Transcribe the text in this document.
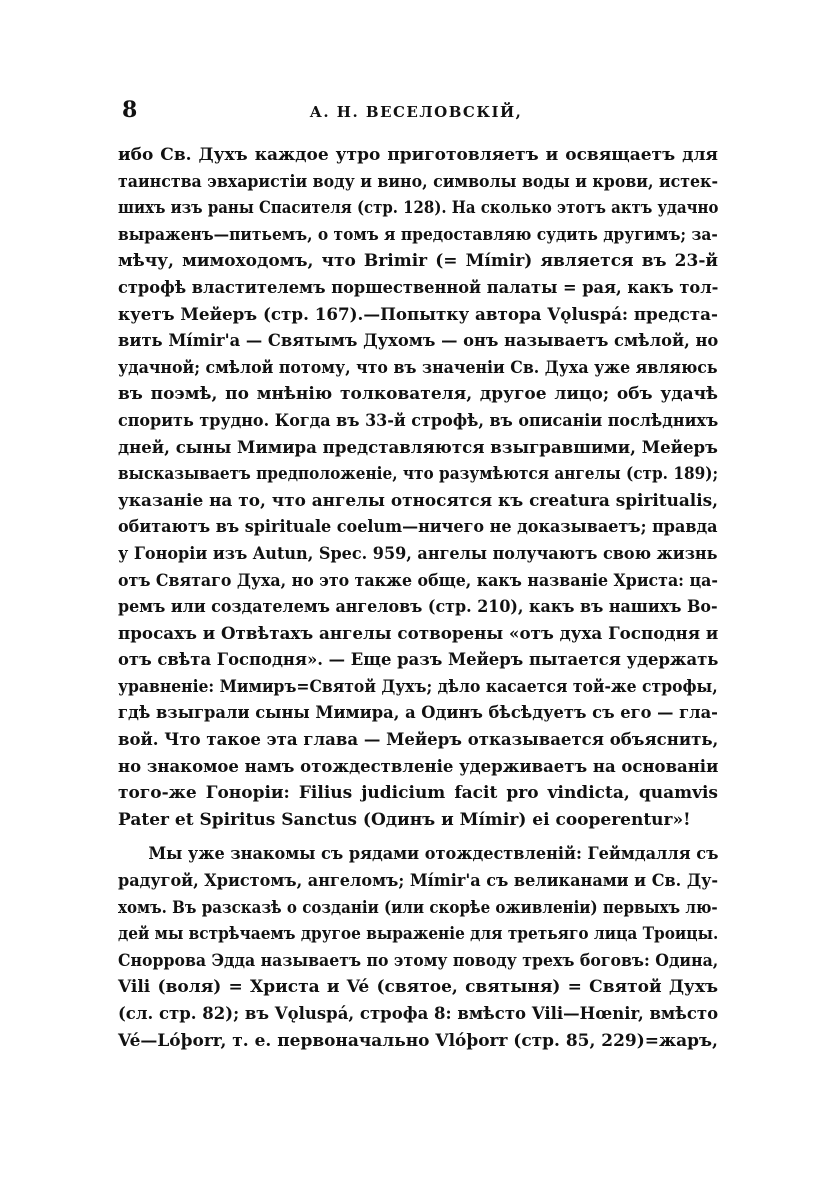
8	А. Н. ВЕСЕЛОВСКІЙ,
ибо Св. Духъ каждое утро приготовляетъ и освящаетъ для
таинства эвхаристіи воду и вино, символы воды и крови, истек-
шихъ изъ раны Спасителя (стр. 128). На сколько этотъ актъ удачно
выраженъ—питьемъ, о томъ я предоставляю судить другимъ; за-
мѣчу, мимоходомъ, что Brimir (= Mímir) является въ 23-й
строфѣ властителемъ поршественной палаты = рая, какъ тол-
куетъ Мейеръ (стр. 167).—Попытку автора Vǫluspá: предста-
вить Mímir'a — Святымъ Духомъ — онъ называетъ смѣлой, но
удачной; смѣлой потому, что въ значеніи Св. Духа уже являюсь
въ поэмѣ, по мнѣнію толкователя, другое лицо; объ удачѣ
спорить трудно. Когда въ 33-й строфѣ, въ описаніи послѣднихъ
дней, сыны Мимира представляются взыгравшими, Мейеръ
высказываетъ предположеніе, что разумѣются ангелы (стр. 189);
указаніе на то, что ангелы относятся къ creatura spiritualis,
обитаютъ въ spirituale coelum—ничего не доказываетъ; правда
у Гоноріи изъ Autun, Spec. 959, ангелы получаютъ свою жизнь
отъ Святаго Духа, но это также обще, какъ названіе Христа: ца-
ремъ или создателемъ ангеловъ (стр. 210), какъ въ нашихъ Во-
просахъ и Отвѣтахъ ангелы сотворены «отъ духа Господня и
отъ свѣта Господня». — Еще разъ Мейеръ пытается удержать
уравненіе: Мимиръ=Святой Духъ; дѣло касается той-же строфы,
гдѣ взыграли сыны Мимира, а Одинъ бѣсѣдуетъ съ его — гла-
вой. Что такое эта глава — Мейеръ отказывается объяснить,
но знакомое намъ отождествленіе удерживаетъ на основаніи
того-же Гоноріи: Filius judicium facit pro vindicta, quamvis
Pater et Spiritus Sanctus (Одинъ и Mímir) ei cooperentur»!
Мы уже знакомы съ рядами отождествленій: Геймдалля съ
радугой, Христомъ, ангеломъ; Mímir'a съ великанами и Св. Ду-
хомъ. Въ разсказѣ о созданіи (или скорѣе оживленіи) первыхъ лю-
дей мы встрѣчаемъ другое выраженіе для третьяго лица Троицы.
Снорровa Эдда называетъ по этому поводу трехъ боговъ: Одина,
Vili (воля) = Христа и Vé (святое, святыня) = Святой Духъ
(сл. стр. 82); въ Vǫluspá, строфа 8: вмѣсто Vili—Hœnir, вмѣсто
Vé—Lóþorr, т. е. первоначально Vlóþorr (стр. 85, 229)=жаръ,
